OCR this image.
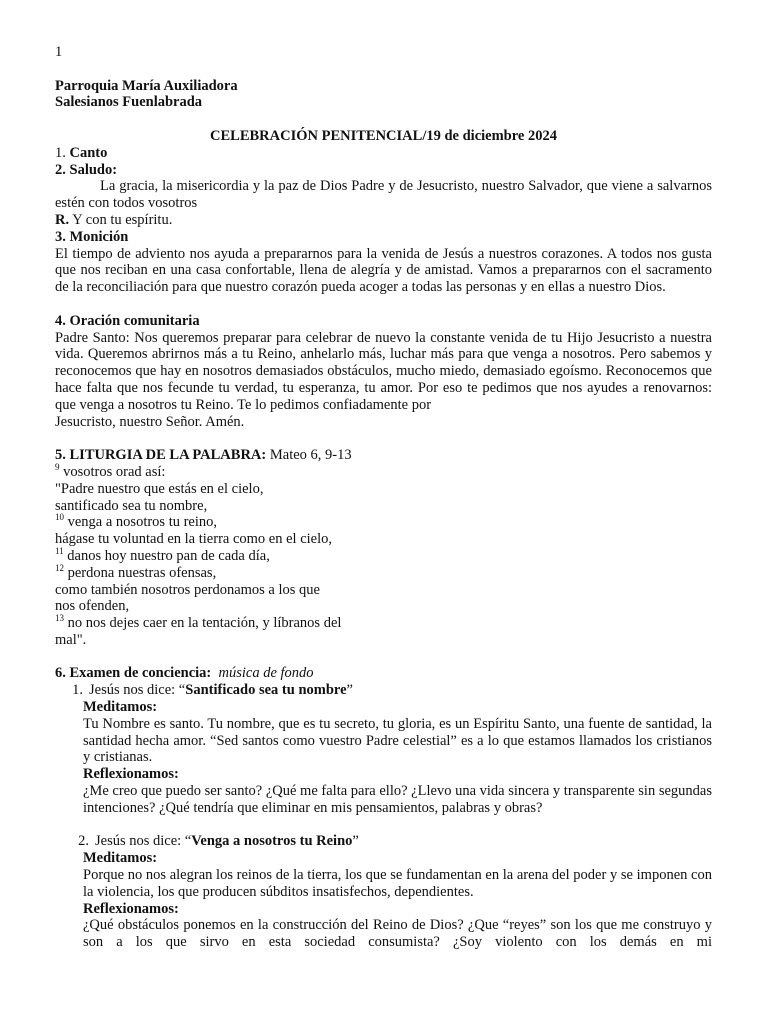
1

Parroquia María Auxiliadora

Salesianos Fuenlabrada

CELEBRACIÓN PENITENCIAL/19 de diciembre 2024

1. Canto

2. Saludo:

La gracia, la misericordia y la paz de Dios Padre y de Jesucristo, nuestro Salvador, que viene a salvarnos estén con todos vosotros

R. Y con tu espíritu.

3. Monición

El tiempo de adviento nos ayuda a prepararnos para la venida de Jesús a nuestros corazones. A todos nos gusta que nos reciban en una casa confortable, llena de alegría y de amistad. Vamos a prepararnos con el sacramento de la reconciliación para que nuestro corazón pueda acoger a todas las personas y en ellas a nuestro Dios.

4. Oración comunitaria

Padre Santo: Nos queremos preparar para celebrar de nuevo la constante venida de tu Hijo Jesucristo a nuestra vida. Queremos abrirnos más a tu Reino, anhelarlo más, luchar más para que venga a nosotros. Pero sabemos y reconocemos que hay en nosotros demasiados obstáculos, mucho miedo, demasiado egoísmo. Reconocemos que hace falta que nos fecunde tu verdad, tu esperanza, tu amor. Por eso te pedimos que nos ayudes a renovarnos: que venga a nosotros tu Reino. Te lo pedimos confiadamente por

Jesucristo, nuestro Señor. Amén.

5. LITURGIA DE LA PALABRA: Mateo 6, 9-13

$^9$ vosotros orad así:

"Padre nuestro que estás en el cielo,

santificado sea tu nombre,

$^{10}$ venga a nosotros tu reino,

hágase tu voluntad en la tierra como en el cielo,

$^{11}$ danos hoy nuestro pan de cada día,

$^{12}$ perdona nuestras ofensas,

como también nosotros perdonamos a los que

nos ofenden,

$^{13}$ no nos dejes caer en la tentación, y líbranos del

mal".

6. Examen de conciencia: música de fondo

1. Jesús nos dice: “Santificado sea tu nombre”

Meditamos:

Tu Nombre es santo. Tu nombre, que es tu secreto, tu gloria, es un Espíritu Santo, una fuente de santidad, la santidad hecha amor. “Sed santos como vuestro Padre celestial” es a lo que estamos llamados los cristianos y cristianas.

Reflexionamos:

¿Me creo que puedo ser santo? ¿Qué me falta para ello? ¿Llevo una vida sincera y transparente sin segundas intenciones? ¿Qué tendría que eliminar en mis pensamientos, palabras y obras?

2. Jesús nos dice: “Venga a nosotros tu Reino”

Meditamos:

Porque no nos alegran los reinos de la tierra, los que se fundamentan en la arena del poder y se imponen con la violencia, los que producen súbditos insatisfechos, dependientes.

Reflexionamos:

¿Qué obstáculos ponemos en la construcción del Reino de Dios? ¿Que “reyes” son los que me construyo y son a los que sirvo en esta sociedad consumista? ¿Soy violento con los demás en mi
